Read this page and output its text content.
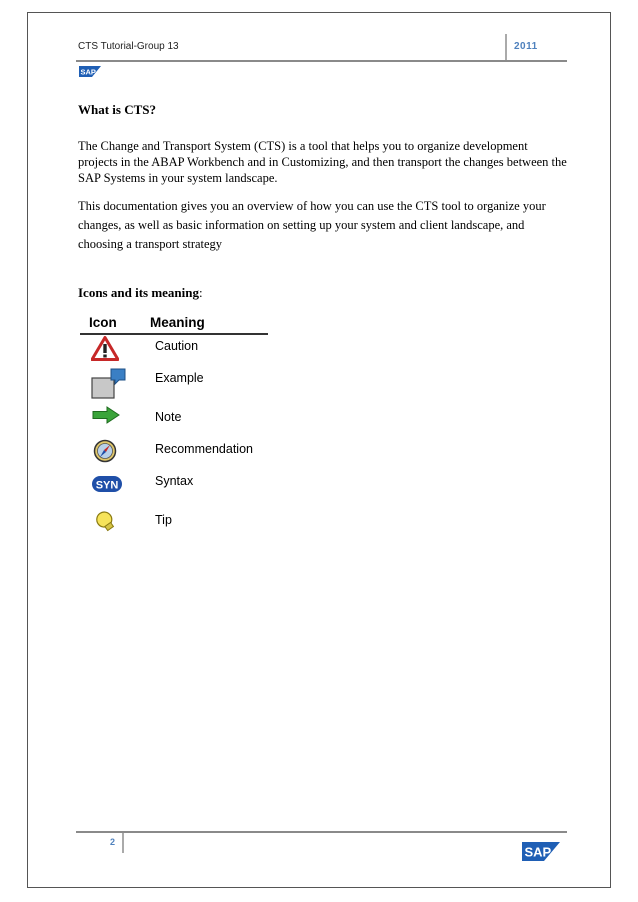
CTS Tutorial-Group 13	2011
SAP
What is CTS?

The Change and Transport System (CTS) is a tool that helps you to organize development projects in the ABAP Workbench and in Customizing, and then transport the changes between the SAP Systems in your system landscape.

This documentation gives you an overview of how you can use the CTS tool to organize your changes, as well as basic information on setting up your system and client landscape, and choosing a transport strategy

Icons and its meaning:
Icon Meaning
Caution
Example
Note
Recommendation
SYN	Syntax
Tip
2
SAP
